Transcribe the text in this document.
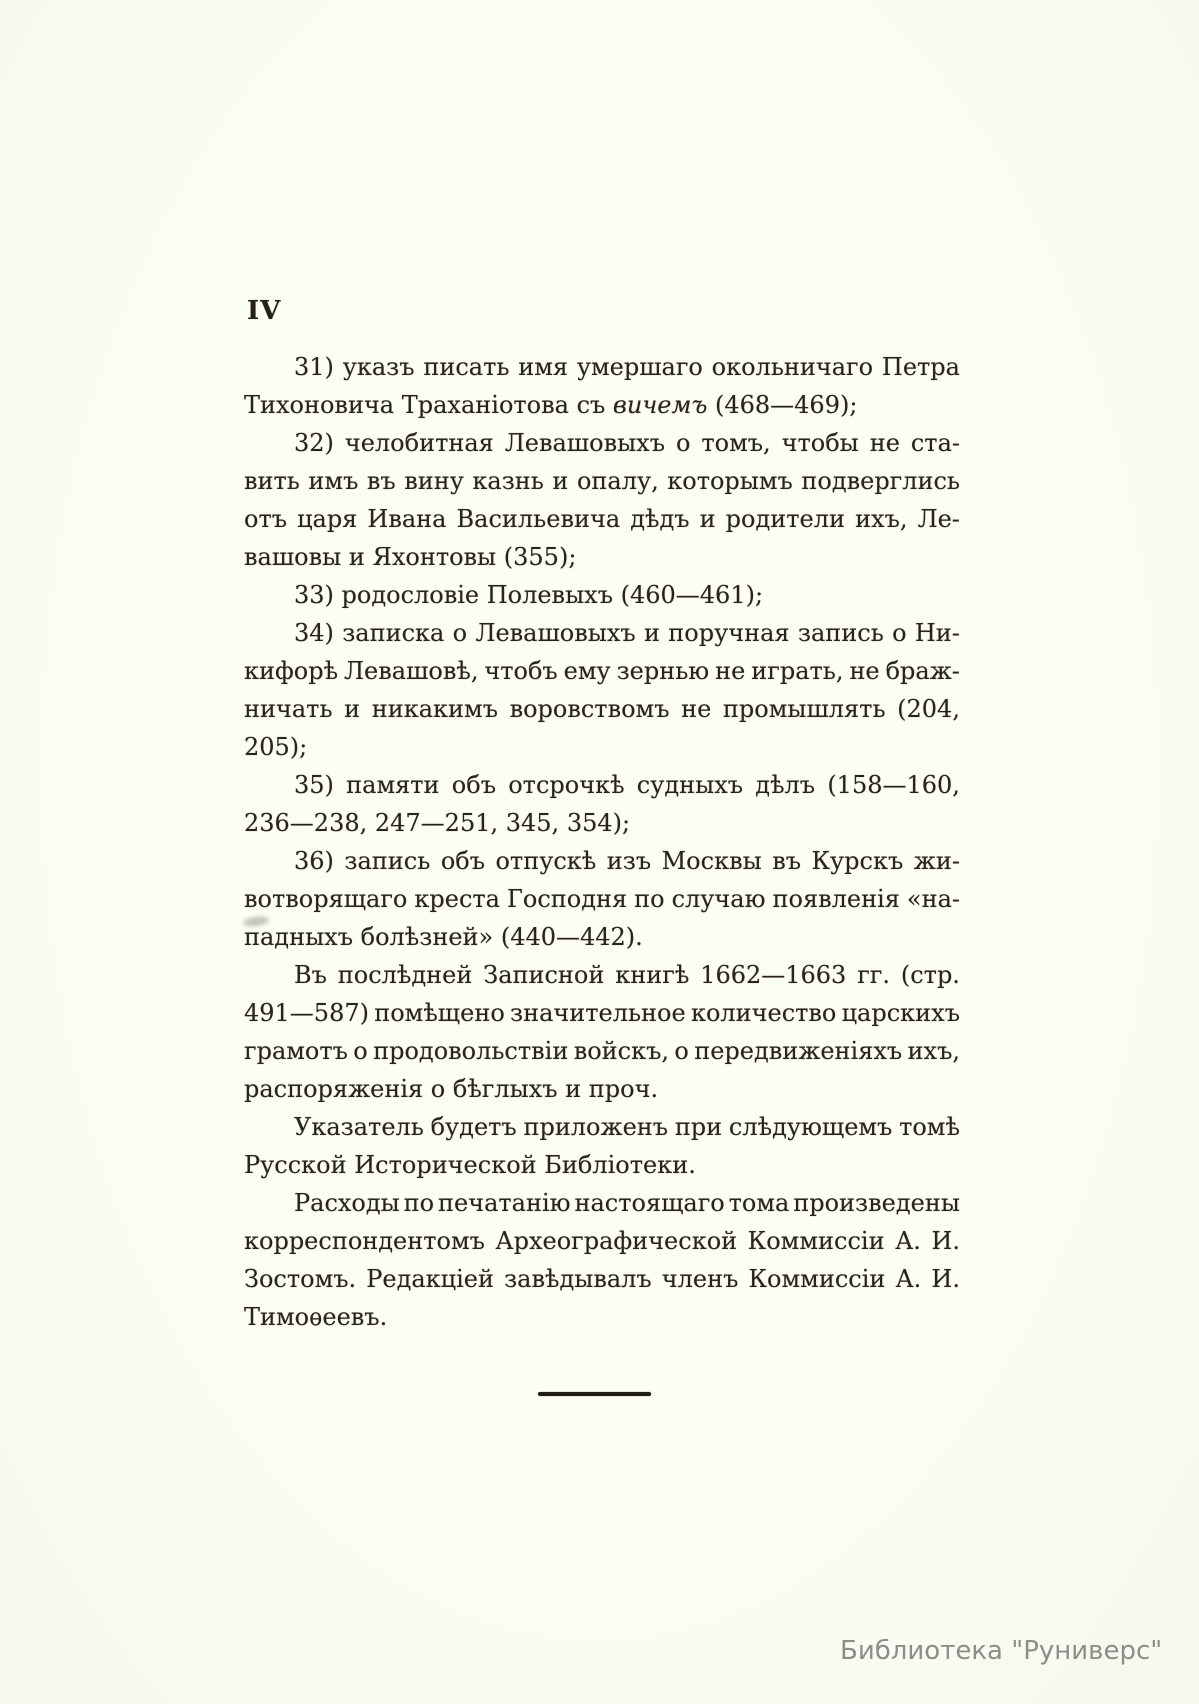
IV
31) указъ писать имя умершаго окольничаго Петра
Тихоновича Траханіотова съ вичемъ (468—469);
32) челобитная Левашовыхъ о томъ, чтобы не ста-
вить имъ въ вину казнь и опалу, которымъ подверглись
отъ царя Ивана Васильевича дѣдъ и родители ихъ, Ле-
вашовы и Яхонтовы (355);
33) родословіе Полевыхъ (460—461);
34) записка о Левашовыхъ и поручная запись о Ни-
кифорѣ Левашовѣ, чтобъ ему зернью не играть, не браж-
ничать и никакимъ воровствомъ не промышлять (204,
205);
35) памяти объ отсрочкѣ судныхъ дѣлъ (158—160,
236—238, 247—251, 345, 354);
36) запись объ отпускѣ изъ Москвы въ Курскъ жи-
вотворящаго креста Господня по случаю появленія «на-
падныхъ болѣзней» (440—442).
Въ послѣдней Записной книгѣ 1662—1663 гг. (стр.
491—587) помѣщено значительное количество царскихъ
грамотъ о продовольствіи войскъ, о передвиженіяхъ ихъ,
распоряженія о бѣглыхъ и проч.
Указатель будетъ приложенъ при слѣдующемъ томѣ
Русской Исторической Библіотеки.
Расходы по печатанію настоящаго тома произведены
корреспондентомъ Археографической Коммиссіи А. И.
Зостомъ. Редакціей завѣдывалъ членъ Коммиссіи А. И.
Тимоѳеевъ.
Библиотека "Руниверс"
